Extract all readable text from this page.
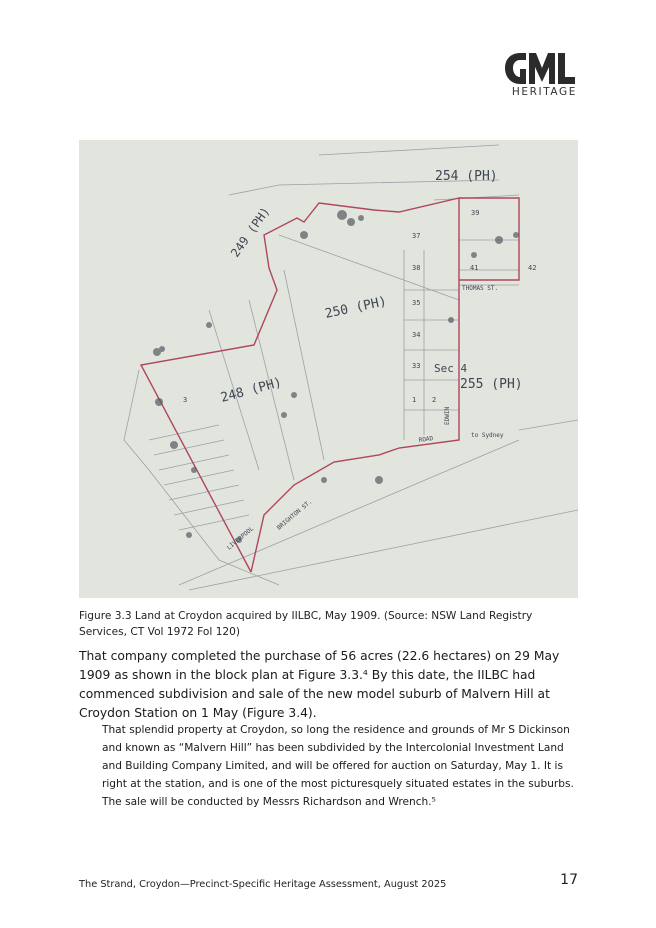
HERITAGE
254 (PH)
250 (PH)
249 (PH)
248 (PH)	255 (PH)
Sec 4
ROAD	to Sydney
THOMAS ST.
LIVERPOOL
BRIGHTON ST.
EDWIN
39
41	42
37
38
35
34
33
1 2
3
Figure 3.3 Land at Croydon acquired by IILBC, May 1909. (Source: NSW Land Registry Services, CT Vol 1972 Fol 120)

That company completed the purchase of 56 acres (22.6 hectares) on 29 May 1909 as shown in the block plan at Figure 3.3.⁴ By this date, the IILBC had commenced subdivision and sale of the new model suburb of Malvern Hill at Croydon Station on 1 May (Figure 3.4).

That splendid property at Croydon, so long the residence and grounds of Mr S Dickinson and known as “Malvern Hill” has been subdivided by the Intercolonial Investment Land and Building Company Limited, and will be offered for auction on Saturday, May 1. It is right at the station, and is one of the most picturesquely situated estates in the suburbs. The sale will be conducted by Messrs Richardson and Wrench.⁵

The Strand, Croydon—Precinct-Specific Heritage Assessment, August 2025	17
